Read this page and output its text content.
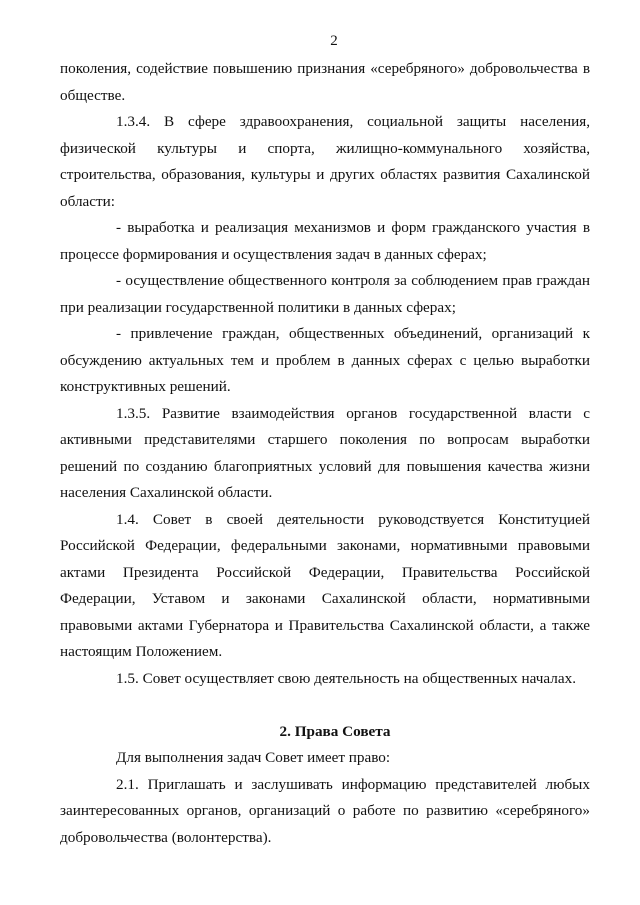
2

поколения, содействие повышению признания «серебряного» добровольчества в обществе.

1.3.4. В сфере здравоохранения, социальной защиты населения, физической культуры и спорта, жилищно-коммунального хозяйства, строительства, образования, культуры и других областях развития Сахалинской области:

- выработка и реализация механизмов и форм гражданского участия в процессе формирования и осуществления задач в данных сферах;

- осуществление общественного контроля за соблюдением прав граждан при реализации государственной политики в данных сферах;

- привлечение граждан, общественных объединений, организаций к обсуждению актуальных тем и проблем в данных сферах с целью выработки конструктивных решений.

1.3.5. Развитие взаимодействия органов государственной власти с активными представителями старшего поколения по вопросам выработки решений по созданию благоприятных условий для повышения качества жизни населения Сахалинской области.

1.4. Совет в своей деятельности руководствуется Конституцией Российской Федерации, федеральными законами, нормативными правовыми актами Президента Российской Федерации, Правительства Российской Федерации, Уставом и законами Сахалинской области, нормативными правовыми актами Губернатора и Правительства Сахалинской области, а также настоящим Положением.

1.5. Совет осуществляет свою деятельность на общественных началах.

2. Права Совета

Для выполнения задач Совет имеет право:

2.1. Приглашать и заслушивать информацию представителей любых заинтересованных органов, организаций о работе по развитию «серебряного» добровольчества (волонтерства).
